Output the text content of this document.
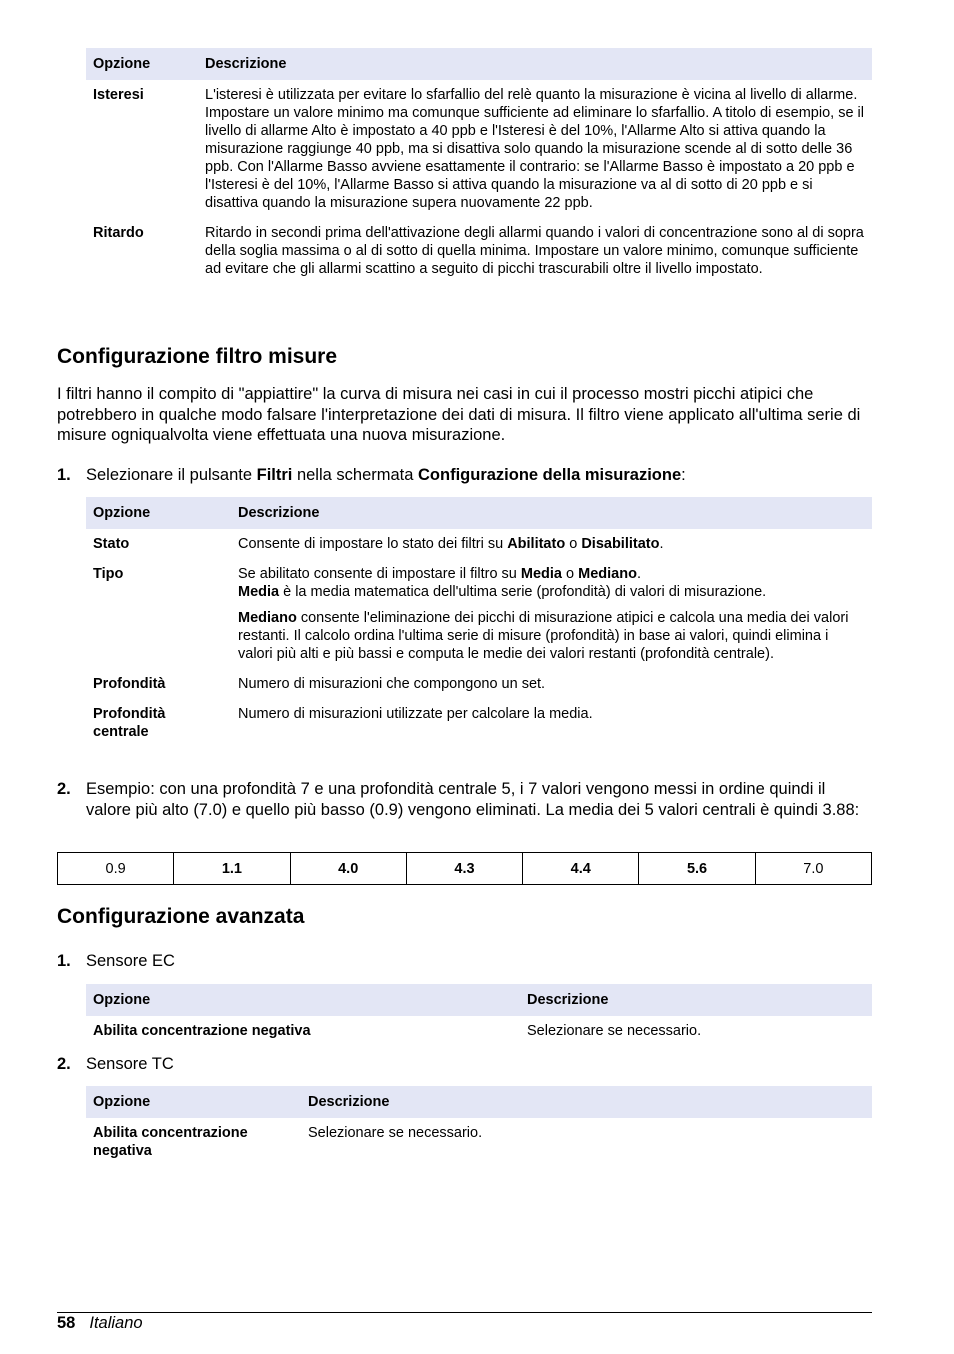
Opzione	Descrizione
Isteresi	L'isteresi è utilizzata per evitare lo sfarfallio del relè quanto la misurazione è vicina al livello di allarme. Impostare un valore minimo ma comunque sufficiente ad eliminare lo sfarfallio. A titolo di esempio, se il livello di allarme Alto è impostato a 40 ppb e l'Isteresi è del 10%, l'Allarme Alto si attiva quando la misurazione raggiunge 40 ppb, ma si disattiva solo quando la misurazione scende al di sotto delle 36 ppb. Con l'Allarme Basso avviene esattamente il contrario: se l'Allarme Basso è impostato a 20 ppb e l'Isteresi è del 10%, l'Allarme Basso si attiva quando la misurazione va al di sotto di 20 ppb e si disattiva quando la misurazione supera nuovamente 22 ppb.
Ritardo	Ritardo in secondi prima dell'attivazione degli allarmi quando i valori di concentrazione sono al di sopra della soglia massima o al di sotto di quella minima. Impostare un valore minimo, comunque sufficiente ad evitare che gli allarmi scattino a seguito di picchi trascurabili oltre il livello impostato.
Configurazione filtro misure

I filtri hanno il compito di "appiattire" la curva di misura nei casi in cui il processo mostri picchi atipici che potrebbero in qualche modo falsare l'interpretazione dei dati di misura. Il filtro viene applicato all'ultima serie di misure ogniqualvolta viene effettuata una nuova misurazione.

1. Selezionare il pulsante Filtri nella schermata Configurazione della misurazione:
Opzione	Descrizione
Stato	Consente di impostare lo stato dei filtri su Abilitato o Disabilitato.
Tipo	Se abilitato consente di impostare il filtro su Media o Mediano.
Media è la media matematica dell'ultima serie (profondità) di valori di misurazione.

Mediano consente l'eliminazione dei picchi di misurazione atipici e calcola una media dei valori restanti. Il calcolo ordina l'ultima serie di misure (profondità) in base ai valori, quindi elimina i valori più alti e più bassi e computa le medie dei valori restanti (profondità centrale).

Profondità	Numero di misurazioni che compongono un set.
Profondità
centrale	Numero di misurazioni utilizzate per calcolare la media.
2. Esempio: con una profondità 7 e una profondità centrale 5, i 7 valori vengono messi in ordine quindi il valore più alto (7.0) e quello più basso (0.9) vengono eliminati. La media dei 5 valori centrali è quindi 3.88:
0.9	1.1	4.0	4.3	4.4	5.6	7.0
Configurazione avanzata
1. Sensore EC
Opzione	Descrizione
Abilita concentrazione negativa	Selezionare se necessario.
2. Sensore TC
Opzione	Descrizione
Abilita concentrazione
negativa	Selezionare se necessario.
58 Italiano
